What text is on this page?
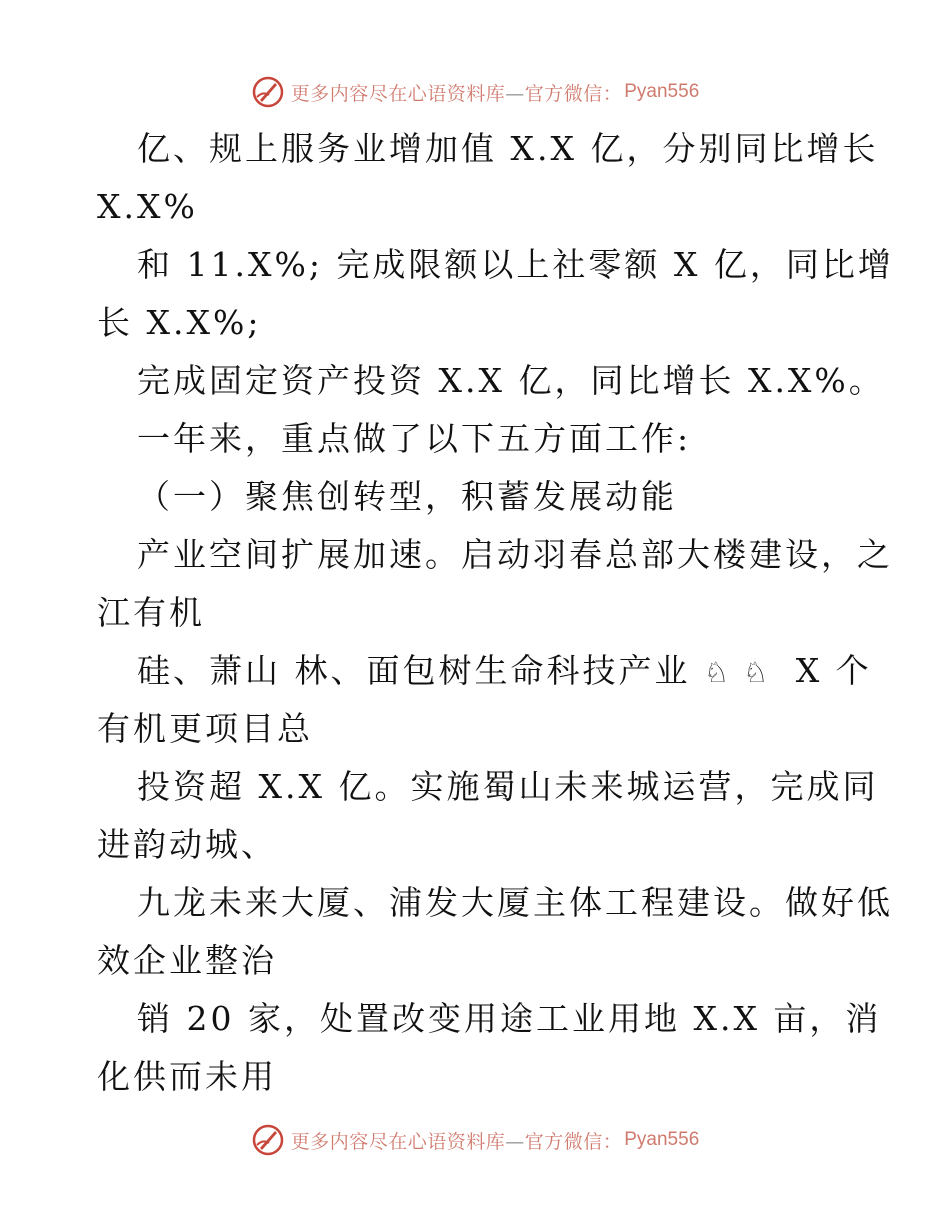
更多内容尽在心语资料库—官方微信： Pyan556
亿、规上服务业增加值 X.X 亿，分别同比增长
X.X%
和 11.X%; 完成限额以上社零额 X 亿，同比增
长 X.X%;
完成固定资产投资 X.X 亿，同比增长 X.X%。
一年来，重点做了以下五方面工作:
（一）聚焦创转型，积蓄发展动能
产业空间扩展加速。启动羽春总部大楼建设，之
江有机
硅、萧山 林、面包树生命科技产业 ♘♘ X 个
有机更项目总
投资超 X.X 亿。实施蜀山未来城运营，完成同
进韵动城、
九龙未来大厦、浦发大厦主体工程建设。做好低
效企业整治
销 20 家，处置改变用途工业用地 X.X 亩，消
化供而未用
更多内容尽在心语资料库—官方微信： Pyan556
